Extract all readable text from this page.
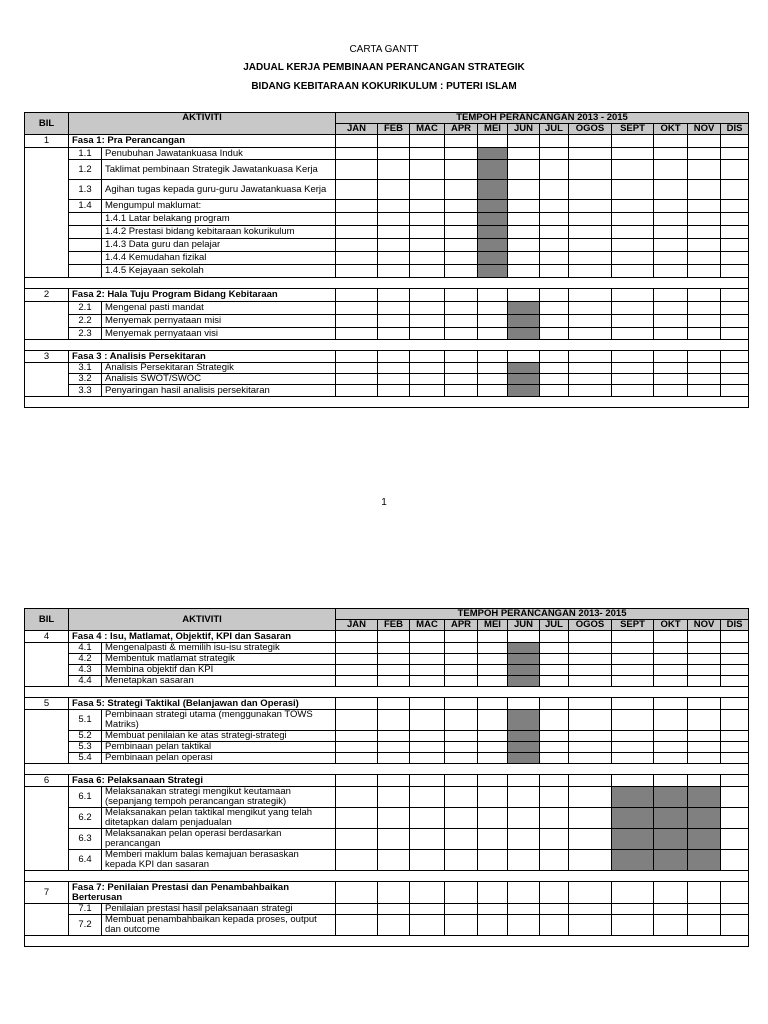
CARTA GANTT
JADUAL KERJA PEMBINAAN PERANCANGAN STRATEGIK
BIDANG KEBITARAAN KOKURIKULUM : PUTERI ISLAM
BIL	AKTIVITI		TEMPOH PERANCANGAN 2013 - 2015											
			JAN	FEB	MAC	APR	MEI	JUN	JUL	OGOS	SEPT	OKT	NOV	DIS
1	Fasa 1: Pra Perancangan													
	1.1	Penubuhan Jawatankuasa Induk												
	1.2	Taklimat pembinaan Strategik Jawatankuasa Kerja												
	1.3	Agihan tugas kepada guru-guru Jawatankuasa Kerja												
	1.4	Mengumpul maklumat:												
		1.4.1 Latar belakang program												
		1.4.2 Prestasi bidang kebitaraan kokurikulum												
		1.4.3 Data guru dan pelajar												
		1.4.4 Kemudahan fizikal												
		1.4.5 Kejayaan sekolah												

2	Fasa 2: Hala Tuju Program Bidang Kebitaraan													
	2.1	Mengenal pasti mandat												
	2.2	Menyemak pernyataan misi												
	2.3	Menyemak pernyataan visi												

3	Fasa 3 : Analisis Persekitaran													
	3.1	Analisis Persekitaran Strategik												
	3.2	Analisis SWOT/SWOC												
	3.3	Penyaringan hasil analisis persekitaran												

1
BIL	AKTIVITI		TEMPOH PERANCANGAN 2013- 2015											
			JAN	FEB	MAC	APR	MEI	JUN	JUL	OGOS	SEPT	OKT	NOV	DIS
4	Fasa 4 : Isu, Matlamat, Objektif, KPI dan Sasaran													
	4.1	Mengenalpasti & memilih isu-isu strategik												
	4.2	Membentuk matlamat strategik												
	4.3	Membina objektif dan KPI												
	4.4	Menetapkan sasaran												

5	Fasa 5: Strategi Taktikal (Belanjawan dan Operasi)													
	5.1	Pembinaan strategi utama (menggunakan TOWS Matriks)												
	5.2	Membuat penilaian ke atas strategi-strategi												
	5.3	Pembinaan pelan taktikal												
	5.4	Pembinaan pelan operasi												

6	Fasa 6: Pelaksanaan Strategi													
	6.1	Melaksanakan strategi mengikut keutamaan (sepanjang tempoh perancangan strategik)												
	6.2	Melaksanakan pelan taktikal mengikut yang telah ditetapkan dalam penjadualan												
	6.3	Melaksanakan pelan operasi berdasarkan perancangan												
	6.4	Memberi maklum balas kemajuan berasaskan kepada KPI dan sasaran												

7	Fasa 7: Penilaian Prestasi dan Penambahbaikan Berterusan													
	7.1	Penilaian prestasi hasil pelaksanaan strategi												
	7.2	Membuat penambahbaikan kepada proses, output dan outcome												
